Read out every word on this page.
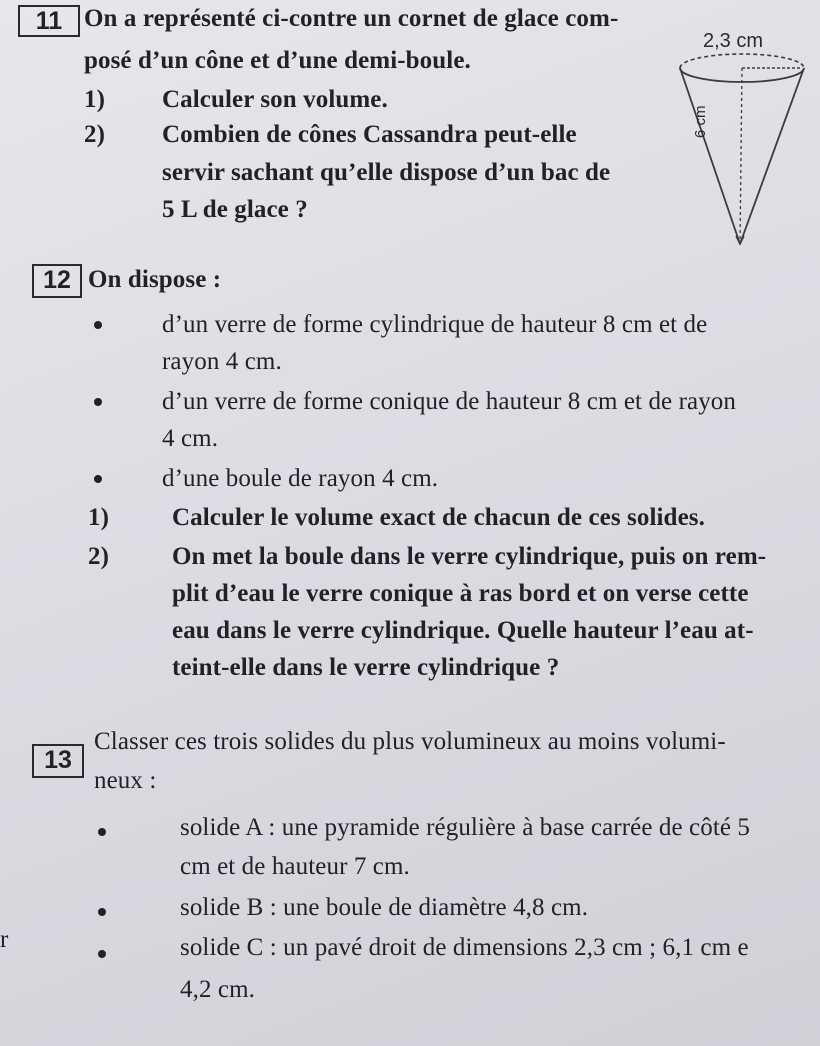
11 On a représenté ci-contre un cornet de glace com-
posé d’un cône et d’une demi-boule.
1) Calculer son volume.
2) Combien de cônes Cassandra peut-elle
servir sachant qu’elle dispose d’un bac de
5 L de glace ?
2,3 cm
6 cm
12 On dispose :
d’un verre de forme cylindrique de hauteur 8 cm et de
rayon 4 cm.
d’un verre de forme conique de hauteur 8 cm et de rayon
4 cm.
d’une boule de rayon 4 cm.
1)	Calculer le volume exact de chacun de ces solides.
2)	On met la boule dans le verre cylindrique, puis on rem-
plit d’eau le verre conique à ras bord et on verse cette
eau dans le verre cylindrique. Quelle hauteur l’eau at-
teint-elle dans le verre cylindrique ?
13
Classer ces trois solides du plus volumineux au moins volumi-
neux :
solide A : une pyramide régulière à base carrée de côté 5
cm et de hauteur 7 cm.
solide B : une boule de diamètre 4,8 cm.
r	solide C : un pavé droit de dimensions 2,3 cm ; 6,1 cm e
4,2 cm.
